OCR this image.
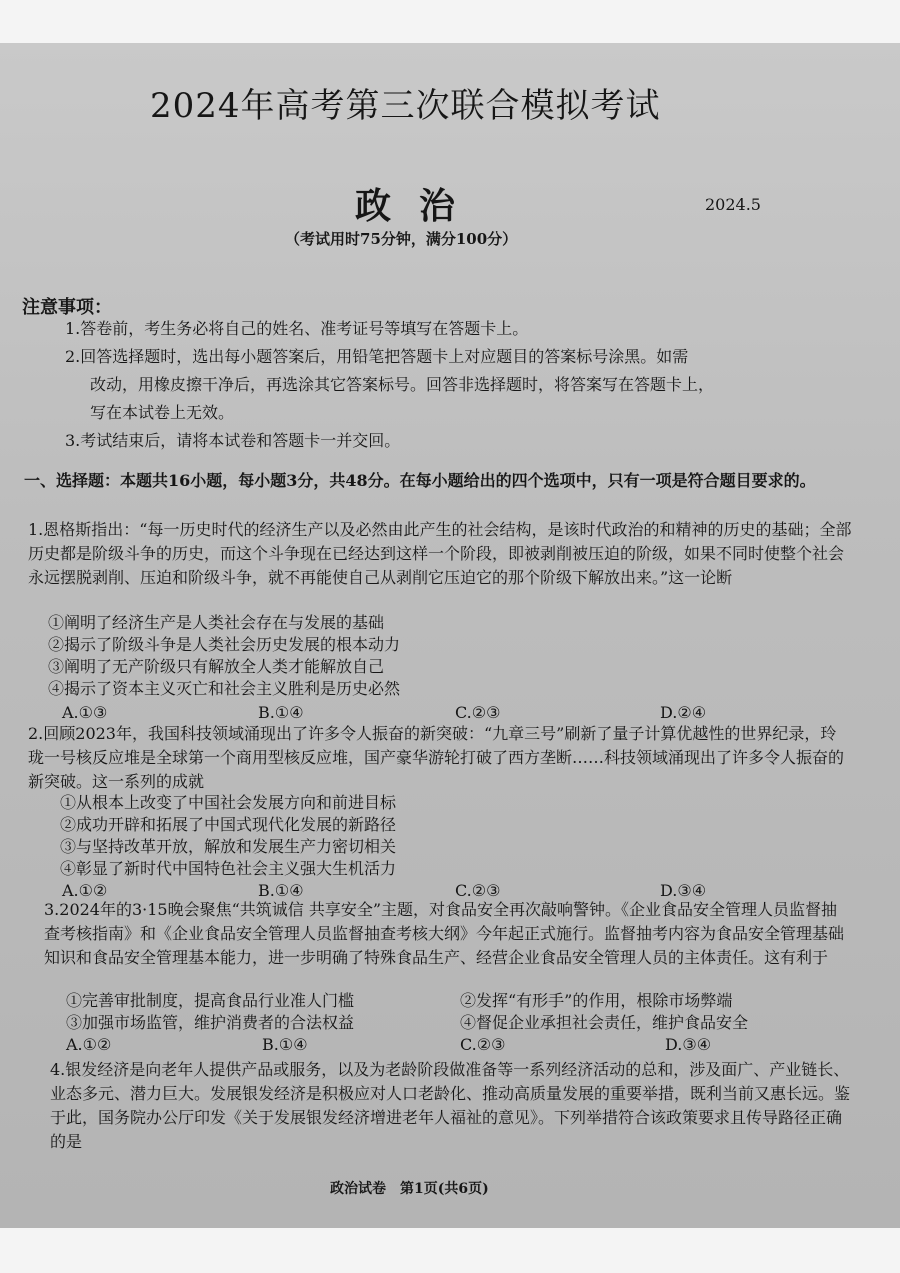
2024年高考第三次联合模拟考试
政治	2024.5
（考试用时75分钟，满分100分）
注意事项：
1.答卷前，考生务必将自己的姓名、准考证号等填写在答题卡上。
2.回答选择题时，选出每小题答案后，用铅笔把答题卡上对应题目的答案标号涂黑。如需
改动，用橡皮擦干净后，再选涂其它答案标号。回答非选择题时，将答案写在答题卡上，
写在本试卷上无效。
3.考试结束后，请将本试卷和答题卡一并交回。
一、选择题：本题共16小题，每小题3分，共48分。在每小题给出的四个选项中，只有一项是符合题目要求的。
1.恩格斯指出：“每一历史时代的经济生产以及必然由此产生的社会结构，是该时代政治的和精神的历史的基础；全部历史都是阶级斗争的历史，而这个斗争现在已经达到这样一个阶段，即被剥削被压迫的阶级，如果不同时使整个社会永远摆脱剥削、压迫和阶级斗争，就不再能使自己从剥削它压迫它的那个阶级下解放出来。”这一论断
①阐明了经济生产是人类社会存在与发展的基础
②揭示了阶级斗争是人类社会历史发展的根本动力
③阐明了无产阶级只有解放全人类才能解放自己
④揭示了资本主义灭亡和社会主义胜利是历史必然
A.①③	B.①④	C.②③	D.②④
2.回顾2023年，我国科技领域涌现出了许多令人振奋的新突破：“九章三号”刷新了量子计算优越性的世界纪录，玲珑一号核反应堆是全球第一个商用型核反应堆，国产豪华游轮打破了西方垄断……科技领域涌现出了许多令人振奋的新突破。这一系列的成就
①从根本上改变了中国社会发展方向和前进目标
②成功开辟和拓展了中国式现代化发展的新路径
③与坚持改革开放，解放和发展生产力密切相关
④彰显了新时代中国特色社会主义强大生机活力
A.①②	B.①④	C.②③	D.③④
3.2024年的3·15晚会聚焦“共筑诚信 共享安全”主题，对食品安全再次敲响警钟。《企业食品安全管理人员监督抽查考核指南》和《企业食品安全管理人员监督抽查考核大纲》今年起正式施行。监督抽考内容为食品安全管理基础知识和食品安全管理基本能力，进一步明确了特殊食品生产、经营企业食品安全管理人员的主体责任。这有利于
①完善审批制度，提高食品行业准人门槛	②发挥“有形手”的作用，根除市场弊端
③加强市场监管，维护消费者的合法权益	④督促企业承担社会责任，维护食品安全
A.①②	B.①④	C.②③	D.③④
4.银发经济是向老年人提供产品或服务，以及为老龄阶段做准备等一系列经济活动的总和，涉及面广、产业链长、业态多元、潜力巨大。发展银发经济是积极应对人口老龄化、推动高质量发展的重要举措，既利当前又惠长远。鉴于此，国务院办公厅印发《关于发展银发经济增进老年人福祉的意见》。下列举措符合该政策要求且传导路径正确的是
政治试卷　第1页(共6页)
